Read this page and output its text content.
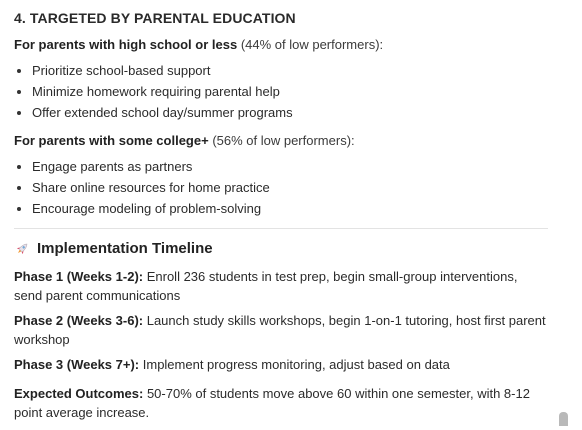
4. TARGETED BY PARENTAL EDUCATION

For parents with high school or less (44% of low performers):

Prioritize school-based support
Minimize homework requiring parental help
Offer extended school day/summer programs

For parents with some college+ (56% of low performers):

Engage parents as partners
Share online resources for home practice
Encourage modeling of problem-solving
Implementation Timeline

Phase 1 (Weeks 1-2): Enroll 236 students in test prep, begin small-group interventions, send parent communications

Phase 2 (Weeks 3-6): Launch study skills workshops, begin 1-on-1 tutoring, host first parent workshop

Phase 3 (Weeks 7+): Implement progress monitoring, adjust based on data

Expected Outcomes: 50-70% of students move above 60 within one semester, with 8-12 point average increase.
